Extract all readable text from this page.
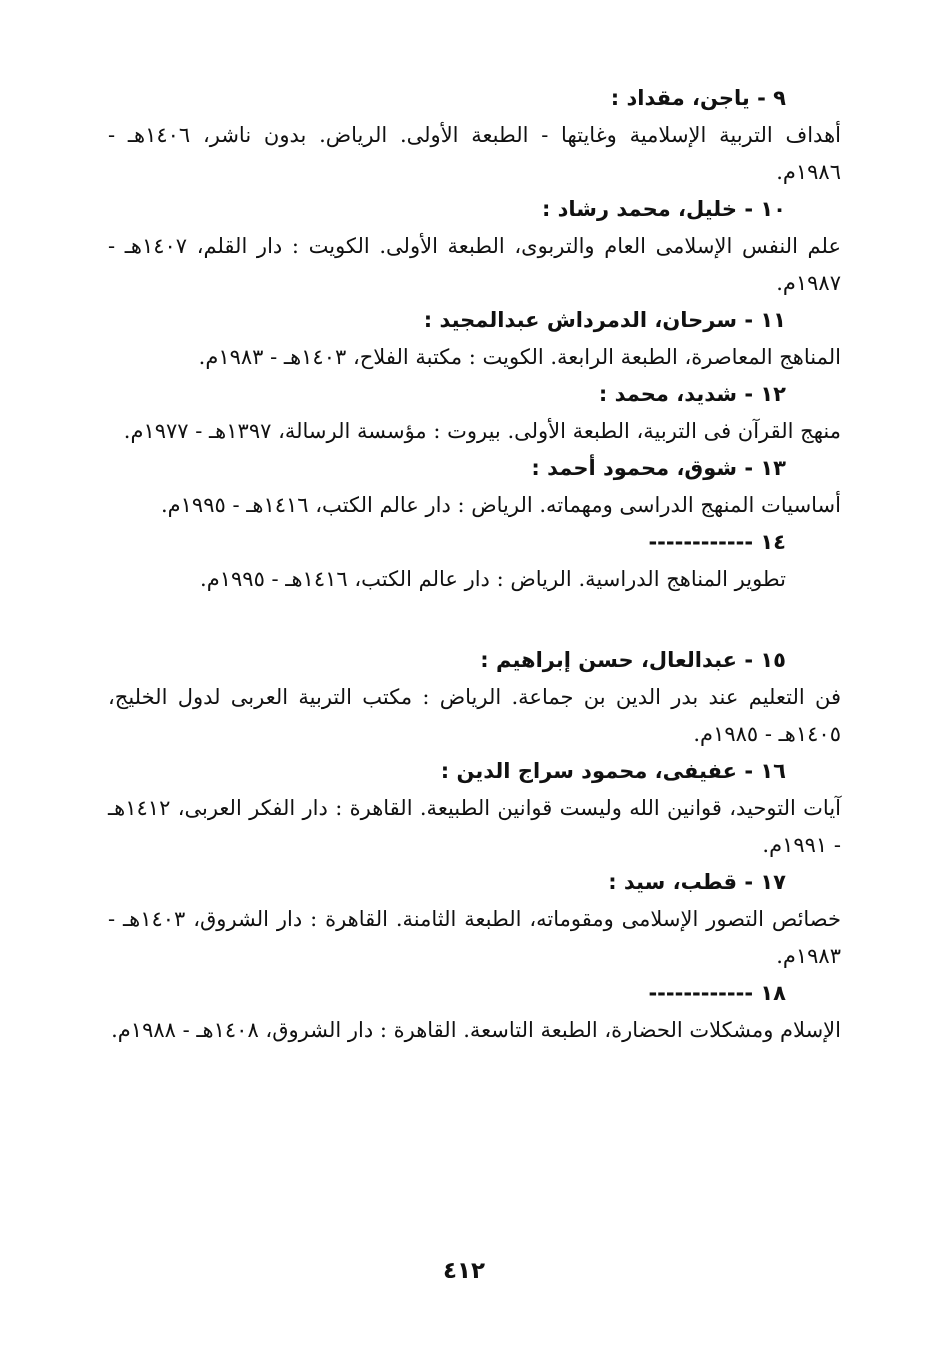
٩ - ياجن، مقداد :
أهداف التربية الإسلامية وغايتها - الطبعة الأولى. الرياض. بدون ناشر، ١٤٠٦هـ - ١٩٨٦م.
١٠ - خليل، محمد رشاد :
علم النفس الإسلامى العام والتربوى، الطبعة الأولى. الكويت : دار القلم، ١٤٠٧هـ - ١٩٨٧م.
١١ - سرحان، الدمرداش عبدالمجيد :
المناهج المعاصرة، الطبعة الرابعة. الكويت : مكتبة الفلاح، ١٤٠٣هـ - ١٩٨٣م.
١٢ - شديد، محمد :
منهج القرآن فى التربية، الطبعة الأولى. بيروت : مؤسسة الرسالة، ١٣٩٧هـ - ١٩٧٧م.
١٣ - شوق، محمود أحمد :
أساسيات المنهج الدراسى ومهماته. الرياض : دار عالم الكتب، ١٤١٦هـ - ١٩٩٥م.
١٤ ------------
تطوير المناهج الدراسية. الرياض : دار عالم الكتب، ١٤١٦هـ - ١٩٩٥م.
١٥ - عبدالعال، حسن إبراهيم :
فن التعليم عند بدر الدين بن جماعة. الرياض : مكتب التربية العربى لدول الخليج، ١٤٠٥هـ - ١٩٨٥م.
١٦ - عفيفى، محمود سراج الدين :
آيات التوحيد، قوانين الله وليست قوانين الطبيعة. القاهرة : دار الفكر العربى، ١٤١٢هـ - ١٩٩١م.
١٧ - قطب، سيد :
خصائص التصور الإسلامى ومقوماته، الطبعة الثامنة. القاهرة : دار الشروق، ١٤٠٣هـ - ١٩٨٣م.
١٨ ------------
الإسلام ومشكلات الحضارة، الطبعة التاسعة. القاهرة : دار الشروق، ١٤٠٨هـ - ١٩٨٨م.
٤١٢
